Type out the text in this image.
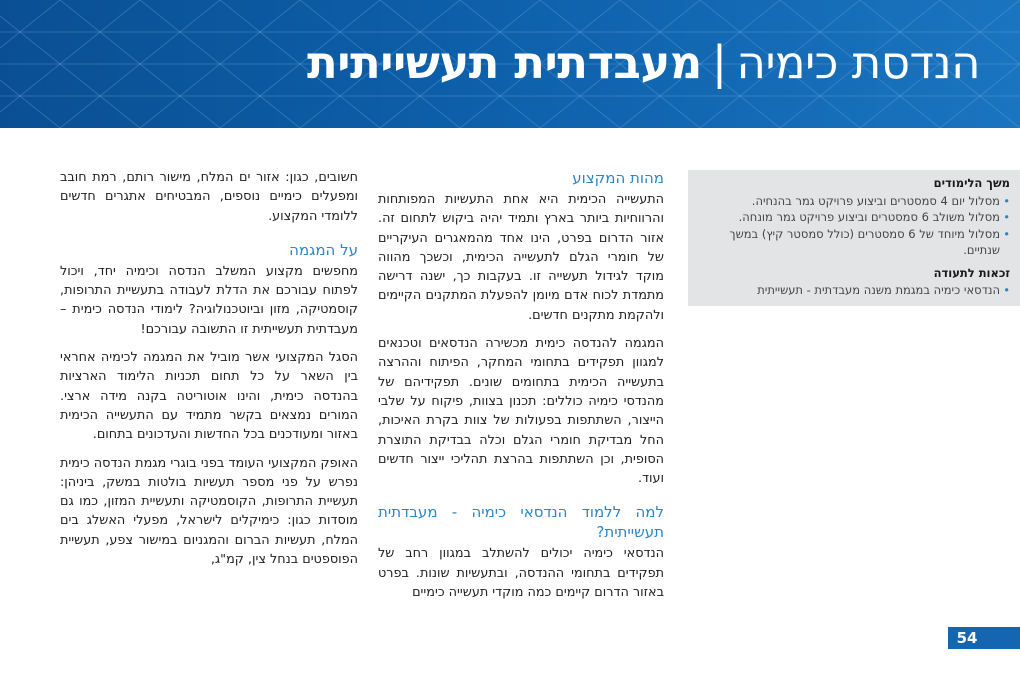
הנדסת כימיה|מעבדתית תעשייתית
משך הלימודים
• מסלול יום 4 סמסטרים וביצוע פרויקט גמר בהנחיה.
• מסלול משולב 6 סמסטרים וביצוע פרויקט גמר מונחה.
• מסלול מיוחד של 6 סמסטרים (כולל סמסטר קיץ) במשך שנתיים.
זכאות לתעודה
• הנדסאי כימיה במגמת משנה מעבדתית - תעשייתית
מהות המקצוע

התעשייה הכימית היא אחת התעשיות המפותחות והרווחיות ביותר בארץ ותמיד יהיה ביקוש לתחום זה. אזור הדרום בפרט, הינו אחד מהמאגרים העיקריים של חומרי הגלם לתעשייה הכימית, וכשכך מהווה מוקד לגידול תעשייה זו. בעקבות כך, ישנה דרישה מתמדת לכוח אדם מיומן להפעלת המתקנים הקיימים ולהקמת מתקנים חדשים.

המגמה להנדסה כימית מכשירה הנדסאים וטכנאים למגוון תפקידים בתחומי המחקר, הפיתוח וההרצה בתעשייה הכימית בתחומים שונים. תפקידיהם של מהנדסי כימיה כוללים: תכנון בצוות, פיקוח על שלבי הייצור, השתתפות בפעולות של צוות בקרת האיכות, החל מבדיקת חומרי הגלם וכלה בבדיקת התוצרת הסופית, וכן השתתפות בהרצת תהליכי ייצור חדשים ועוד.

למה ללמוד הנדסאי כימיה - מעבדתית תעשייתית?

הנדסאי כימיה יכולים להשתלב במגוון רחב של תפקידים בתחומי ההנדסה, ובתעשיות שונות. בפרט באזור הדרום קיימים כמה מוקדי תעשייה כימיים

חשובים, כגון: אזור ים המלח, מישור רותם, רמת חובב ומפעלים כימיים נוספים, המבטיחים אתגרים חדשים ללומדי המקצוע.

על המגמה

מחפשים מקצוע המשלב הנדסה וכימיה יחד, ויכול לפתוח עבורכם את הדלת לעבודה בתעשיית התרופות, קוסמטיקה, מזון וביוטכנולוגיה? לימודי הנדסה כימית – מעבדתית תעשייתית זו התשובה עבורכם!

הסגל המקצועי אשר מוביל את המגמה לכימיה אחראי בין השאר על כל תחום תכניות הלימוד הארציות בהנדסה כימית, והינו אוטוריטה בקנה מידה ארצי. המורים נמצאים בקשר מתמיד עם התעשייה הכימית באזור ומעודכנים בכל החדשות והעדכונים בתחום.

האופק המקצועי העומד בפני בוגרי מגמת הנדסה כימית נפרש על פני מספר תעשיות בולטות במשק, ביניהן: תעשיית התרופות, הקוסמטיקה ותעשיית המזון, כמו גם מוסדות כגון: כימיקלים לישראל, מפעלי האשלג בים המלח, תעשיות הברום והמגניום במישור צפע, תעשיית הפוספטים בנחל צין, קמ"ג,

54
